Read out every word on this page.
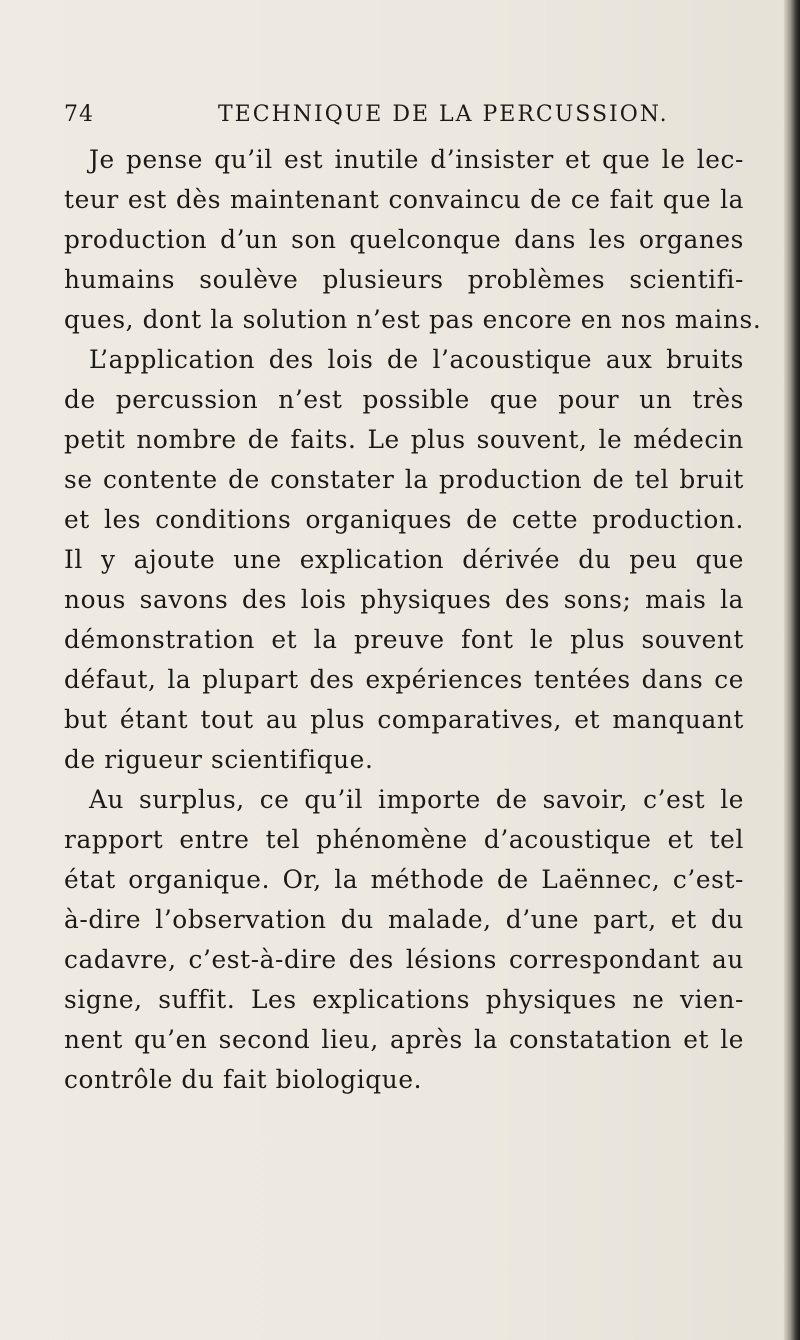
74	TECHNIQUE DE LA PERCUSSION.
Je pense qu’il est inutile d’insister et que le lec-
teur est dès maintenant convaincu de ce fait que la
production d’un son quelconque dans les organes
humains soulève plusieurs problèmes scientifi-
ques, dont la solution n’est pas encore en nos mains.
L’application des lois de l’acoustique aux bruits
de percussion n’est possible que pour un très
petit nombre de faits. Le plus souvent, le médecin
se contente de constater la production de tel bruit
et les conditions organiques de cette production.
Il y ajoute une explication dérivée du peu que
nous savons des lois physiques des sons; mais la
démonstration et la preuve font le plus souvent
défaut, la plupart des expériences tentées dans ce
but étant tout au plus comparatives, et manquant
de rigueur scientifique.
Au surplus, ce qu’il importe de savoir, c’est le
rapport entre tel phénomène d’acoustique et tel
état organique. Or, la méthode de Laënnec, c’est-
à-dire l’observation du malade, d’une part, et du
cadavre, c’est-à-dire des lésions correspondant au
signe, suffit. Les explications physiques ne vien-
nent qu’en second lieu, après la constatation et le
contrôle du fait biologique.
